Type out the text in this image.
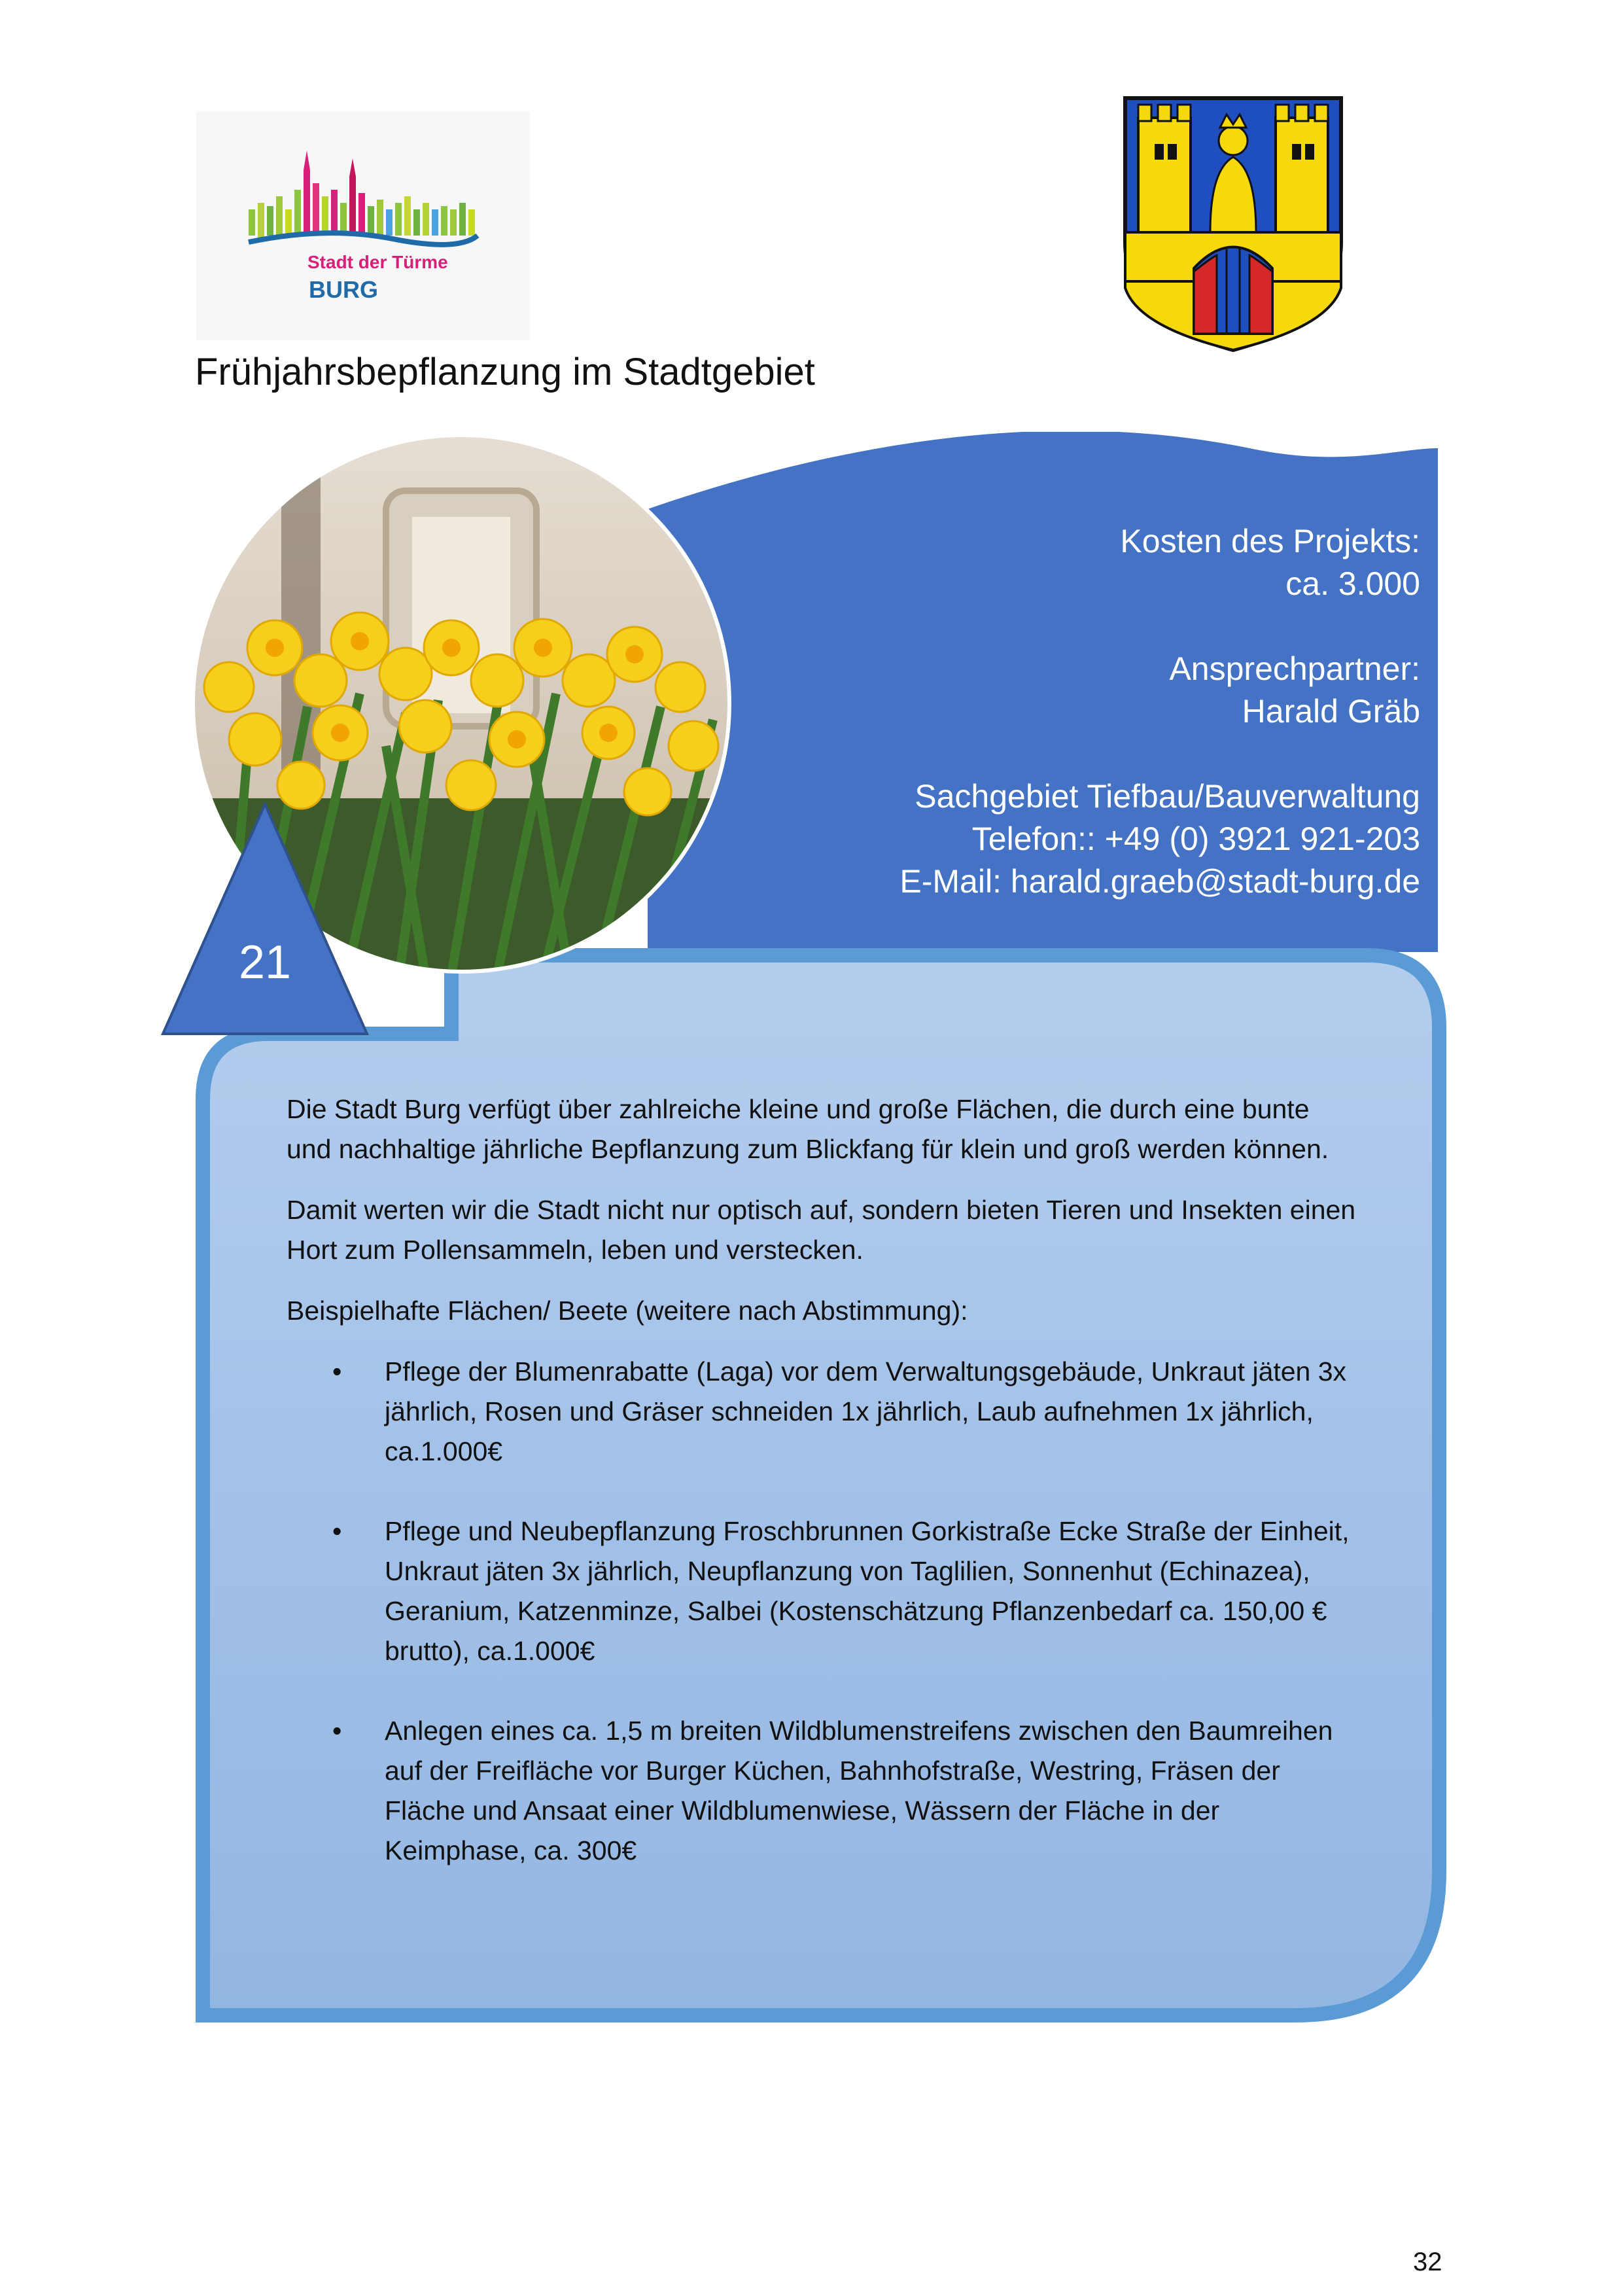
Stadt der Türme
BURG
Frühjahrsbepflanzung im Stadtgebiet
Kosten des Projekts:
ca. 3.000
Ansprechpartner:
Harald Gräb
Sachgebiet Tiefbau/Bauverwaltung
Telefon:: +49 (0) 3921 921-203
E-Mail: harald.graeb@stadt-burg.de
21

Die Stadt Burg verfügt über zahlreiche kleine und große Flächen, die durch eine bunte und nachhaltige jährliche Bepflanzung zum Blickfang für klein und groß werden können.

Damit werten wir die Stadt nicht nur optisch auf, sondern bieten Tieren und Insekten einen Hort zum Pollensammeln, leben und verstecken.

Beispielhafte Flächen/ Beete (weitere nach Abstimmung):

• Pflege der Blumenrabatte (Laga) vor dem Verwaltungsgebäude, Unkraut jäten 3x jährlich, Rosen und Gräser schneiden 1x jährlich, Laub aufnehmen 1x jährlich, ca.1.000€
• Pflege und Neubepflanzung Froschbrunnen Gorkistraße Ecke Straße der Einheit, Unkraut jäten 3x jährlich, Neupflanzung von Taglilien, Sonnenhut (Echinazea), Geranium, Katzenminze, Salbei (Kostenschätzung Pflanzenbedarf ca. 150,00 € brutto), ca.1.000€
• Anlegen eines ca. 1,5 m breiten Wildblumenstreifens zwischen den Baumreihen auf der Freifläche vor Burger Küchen, Bahnhofstraße, Westring, Fräsen der Fläche und Ansaat einer Wildblumenwiese, Wässern der Fläche in der Keimphase, ca. 300€
32
